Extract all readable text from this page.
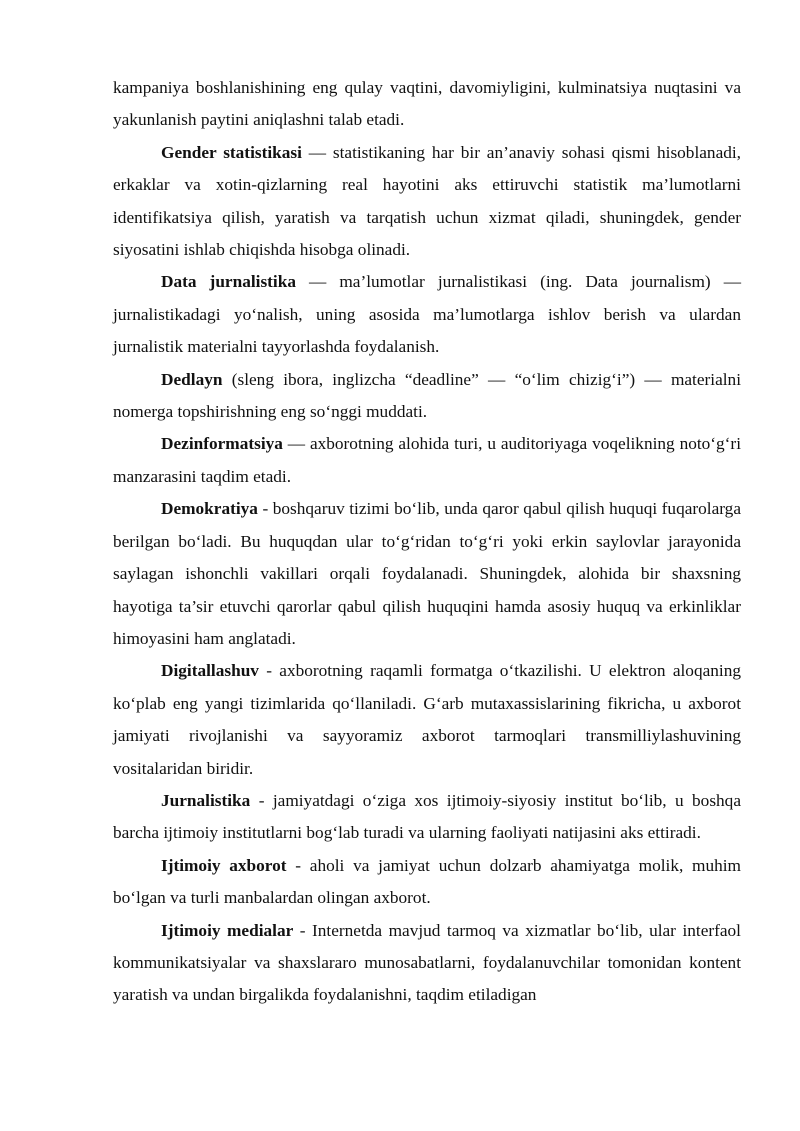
kampaniya boshlanishining eng qulay vaqtini, davomiyligini, kulminatsiya nuqtasini va yakunlanish paytini aniqlashni talab etadi.

Gender statistikasi — statistikaning har bir an’anaviy sohasi qismi hisoblanadi, erkaklar va xotin-qizlarning real hayotini aks ettiruvchi statistik ma’lumotlarni identifikatsiya qilish, yaratish va tarqatish uchun xizmat qiladi, shuningdek, gender siyosatini ishlab chiqishda hisobga olinadi.

Data jurnalistika — ma’lumotlar jurnalistikasi (ing. Data journalism) — jurnalistikadagi yo‘nalish, uning asosida ma’lumotlarga ishlov berish va ulardan jurnalistik materialni tayyorlashda foydalanish.

Dedlayn (sleng ibora, inglizcha “deadline” — “o‘lim chizig‘i”) — materialni nomerga topshirishning eng so‘nggi muddati.

Dezinformatsiya — axborotning alohida turi, u auditoriyaga voqelikning noto‘g‘ri manzarasini taqdim etadi.

Demokratiya - boshqaruv tizimi bo‘lib, unda qaror qabul qilish huquqi fuqarolarga berilgan bo‘ladi. Bu huquqdan ular to‘g‘ridan to‘g‘ri yoki erkin saylovlar jarayonida saylagan ishonchli vakillari orqali foydalanadi. Shuningdek, alohida bir shaxsning hayotiga ta’sir etuvchi qarorlar qabul qilish huquqini hamda asosiy huquq va erkinliklar himoyasini ham anglatadi.

Digitallashuv - axborotning raqamli formatga o‘tkazilishi. U elektron aloqaning ko‘plab eng yangi tizimlarida qo‘llaniladi. G‘arb mutaxassislarining fikricha, u axborot jamiyati rivojlanishi va sayyoramiz axborot tarmoqlari transmilliylashuvining vositalaridan biridir.

Jurnalistika - jamiyatdagi o‘ziga xos ijtimoiy-siyosiy institut bo‘lib, u boshqa barcha ijtimoiy institutlarni bog‘lab turadi va ularning faoliyati natijasini aks ettiradi.

Ijtimoiy axborot - aholi va jamiyat uchun dolzarb ahamiyatga molik, muhim bo‘lgan va turli manbalardan olingan axborot.

Ijtimoiy medialar - Internetda mavjud tarmoq va xizmatlar bo‘lib, ular interfaol kommunikatsiyalar va shaxslararo munosabatlarni, foydalanuvchilar tomonidan kontent yaratish va undan birgalikda foydalanishni, taqdim etiladigan
